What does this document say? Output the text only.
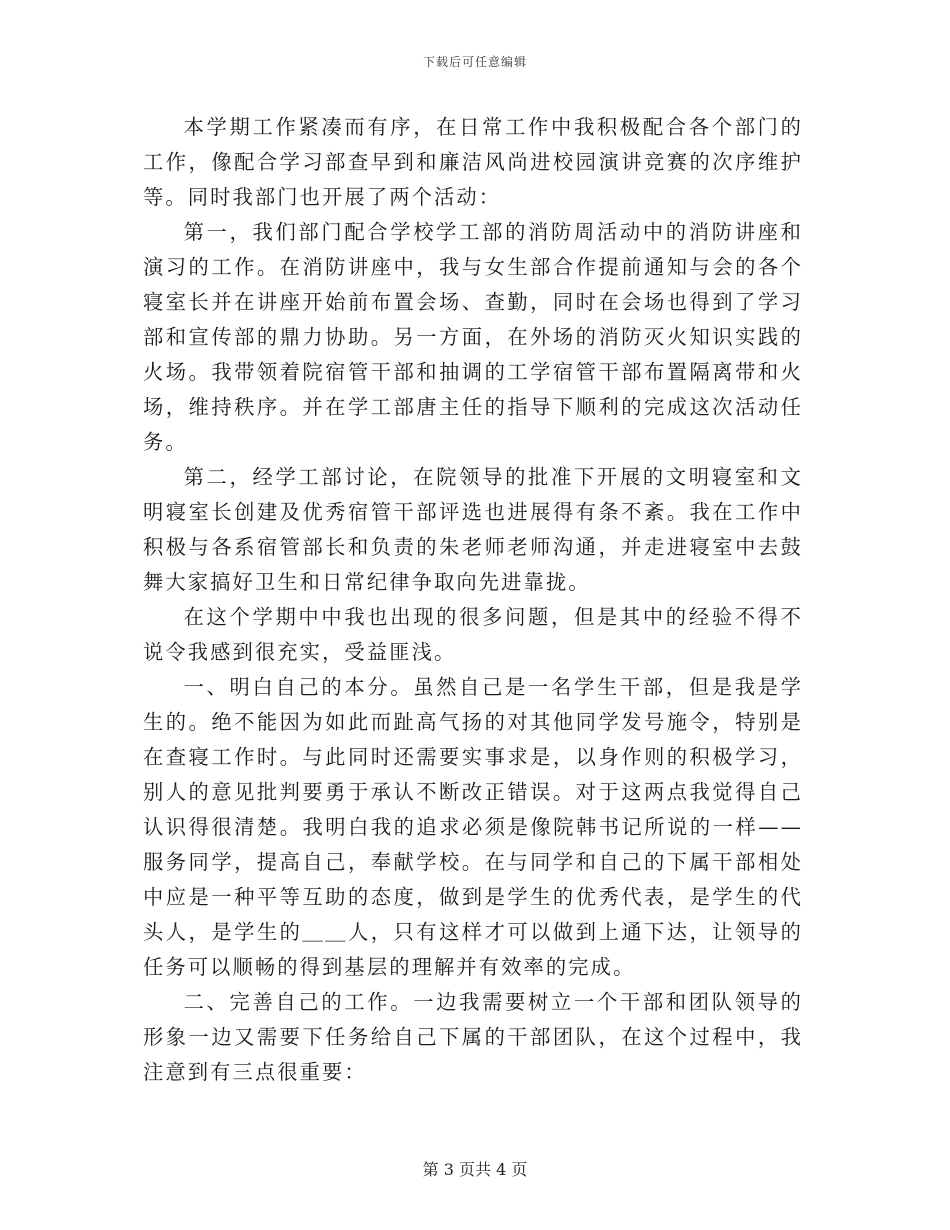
下载后可任意编辑

本学期工作紧凑而有序，在日常工作中我积极配合各个部门的工作，像配合学习部查早到和廉洁风尚进校园演讲竞赛的次序维护等。同时我部门也开展了两个活动：

第一，我们部门配合学校学工部的消防周活动中的消防讲座和演习的工作。在消防讲座中，我与女生部合作提前通知与会的各个寝室长并在讲座开始前布置会场、查勤，同时在会场也得到了学习部和宣传部的鼎力协助。另一方面，在外场的消防灭火知识实践的火场。我带领着院宿管干部和抽调的工学宿管干部布置隔离带和火场，维持秩序。并在学工部唐主任的指导下顺利的完成这次活动任务。

第二，经学工部讨论，在院领导的批准下开展的文明寝室和文明寝室长创建及优秀宿管干部评选也进展得有条不紊。我在工作中积极与各系宿管部长和负责的朱老师老师沟通，并走进寝室中去鼓舞大家搞好卫生和日常纪律争取向先进靠拢。

在这个学期中中我也出现的很多问题，但是其中的经验不得不说令我感到很充实，受益匪浅。

一、明白自己的本分。虽然自己是一名学生干部，但是我是学生的。绝不能因为如此而趾高气扬的对其他同学发号施令，特别是在查寝工作时。与此同时还需要实事求是，以身作则的积极学习，别人的意见批判要勇于承认不断改正错误。对于这两点我觉得自己认识得很清楚。我明白我的追求必须是像院韩书记所说的一样——服务同学，提高自己，奉献学校。在与同学和自己的下属干部相处中应是一种平等互助的态度，做到是学生的优秀代表，是学生的代头人，是学生的＿＿人，只有这样才可以做到上通下达，让领导的任务可以顺畅的得到基层的理解并有效率的完成。

二、完善自己的工作。一边我需要树立一个干部和团队领导的形象一边又需要下任务给自己下属的干部团队，在这个过程中，我注意到有三点很重要：

第 3 页共 4 页
